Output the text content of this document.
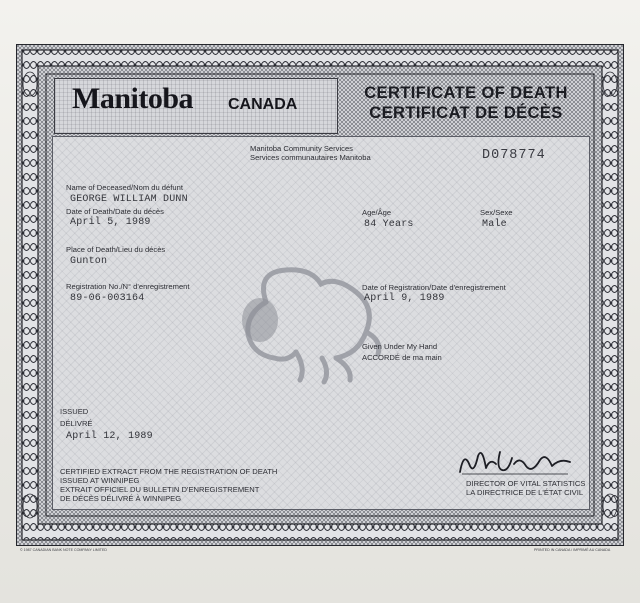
Manitoba CANADA
CERTIFICATE OF DEATH
CERTIFICAT DE DÉCÈS
Manitoba Community Services
Services communautaires Manitoba	D078774
Name of Deceased/Nom du défunt
GEORGE WILLIAM DUNN
Date of Death/Date du décès
April 5, 1989
Age/Âge
84 Years
Sex/Sexe
Male
Place of Death/Lieu du décès
Gunton
Registration No./N° d'enregistrement
89-06-003164
Date of Registration/Date d'enregistrement
April 9, 1989
Given Under My Hand
ACCORDÉ de ma main
ISSUED
DÉLIVRÉ
April 12, 1989
CERTIFIED EXTRACT FROM THE REGISTRATION OF DEATH
ISSUED AT WINNIPEG
EXTRAIT OFFICIEL DU BULLETIN D'ENREGISTREMENT
DE DÉCÈS DÉLIVRÉ À WINNIPEG
DIRECTOR OF VITAL STATISTICS
LA DIRECTRICE DE L'ÉTAT CIVIL
© 1987 CANADIAN BANK NOTE COMPANY LIMITED	PRINTED IN CANADA / IMPRIMÉ AU CANADA
